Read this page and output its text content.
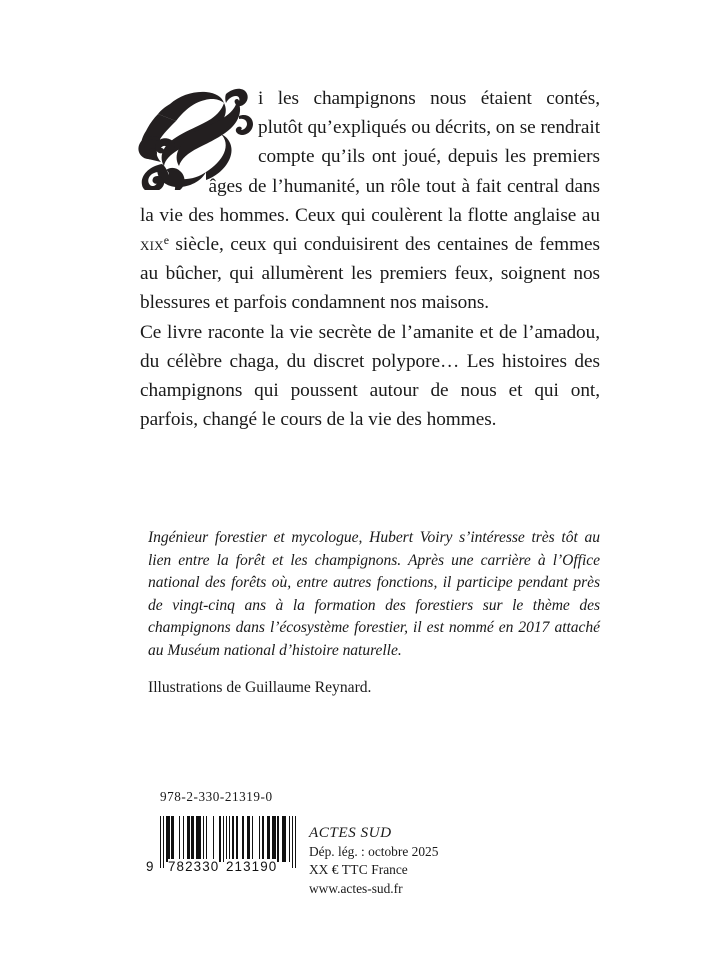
i les champignons nous étaient contés, plutôt qu’expliqués ou décrits, on se rendrait compte qu’ils ont joué, depuis les premiers âges de l’humanité, un rôle tout à fait central dans la vie des hommes. Ceux qui coulèrent la flotte anglaise au xix$^e$ siècle, ceux qui conduisirent des centaines de femmes au bûcher, qui allumèrent les premiers feux, soignent nos blessures et parfois condamnent nos maisons.

Ce livre raconte la vie secrète de l’amanite et de l’amadou, du célèbre chaga, du discret polypore… Les histoires des champignons qui poussent autour de nous et qui ont, parfois, changé le cours de la vie des hommes.

Ingénieur forestier et mycologue, Hubert Voiry s’intéresse très tôt au lien entre la forêt et les champignons. Après une carrière à l’Office national des forêts où, entre autres fonctions, il participe pendant près de vingt-cinq ans à la formation des forestiers sur le thème des champignons dans l’écosystème forestier, il est nommé en 2017 attaché au Muséum national d’histoire naturelle.

Illustrations de Guillaume Reynard.
978-2-330-21319-0
9 782330 213190
ACTES SUD
Dép. lég. : octobre 2025
XX € TTC France
www.actes-sud.fr
